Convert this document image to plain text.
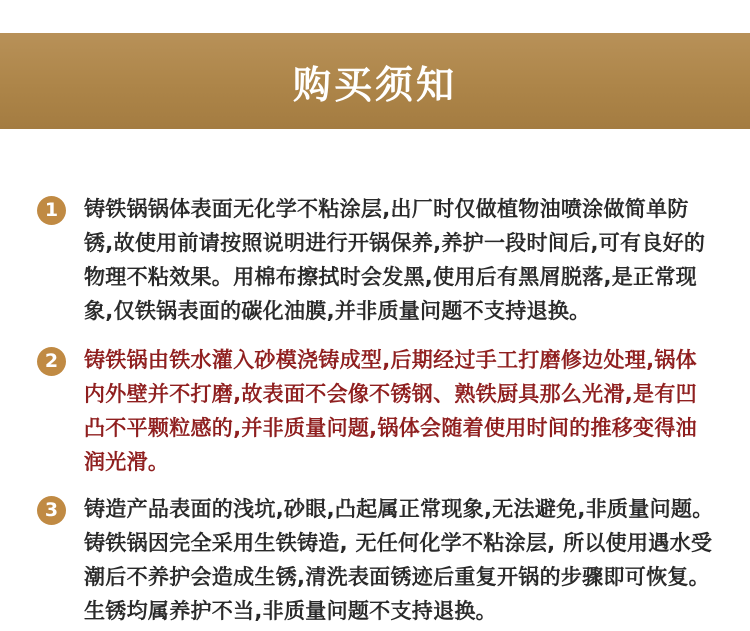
购买须知
1	铸铁锅锅体表面无化学不粘涂层,出厂时仅做植物油喷涂做简单防锈,故使用前请按照说明进行开锅保养,养护一段时间后,可有良好的物理不粘效果。用棉布擦拭时会发黑,使用后有黑屑脱落,是正常现象,仅铁锅表面的碳化油膜,并非质量问题不支持退换。
2	铸铁锅由铁水灌入砂模浇铸成型,后期经过手工打磨修边处理,锅体内外壁并不打磨,故表面不会像不锈钢、熟铁厨具那么光滑,是有凹凸不平颗粒感的,并非质量问题,锅体会随着使用时间的推移变得油润光滑。
3	铸造产品表面的浅坑,砂眼,凸起属正常现象,无法避免,非质量问题。铸铁锅因完全采用生铁铸造, 无任何化学不粘涂层, 所以使用遇水受潮后不养护会造成生锈,清洗表面锈迹后重复开锅的步骤即可恢复。生锈均属养护不当,非质量问题不支持退换。
